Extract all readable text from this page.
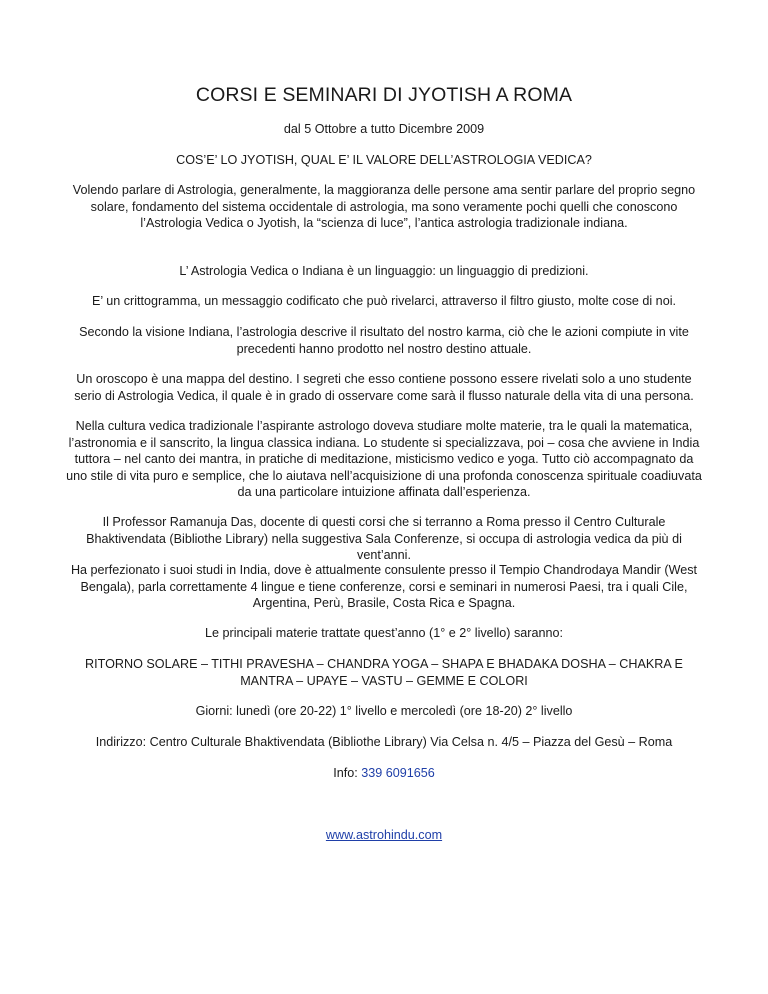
CORSI E SEMINARI DI JYOTISH A ROMA

dal 5 Ottobre a tutto Dicembre 2009

COS’E’ LO JYOTISH, QUAL E’ IL VALORE DELL’ASTROLOGIA VEDICA?

Volendo parlare di Astrologia, generalmente, la maggioranza delle persone ama sentir parlare del proprio segno solare, fondamento del sistema occidentale di astrologia, ma sono veramente pochi quelli che conoscono l’Astrologia Vedica o Jyotish, la “scienza di luce”, l’antica astrologia tradizionale indiana.

L’ Astrologia Vedica o Indiana è un linguaggio: un linguaggio di predizioni.

E’ un crittogramma, un messaggio codificato che può rivelarci, attraverso il filtro giusto, molte cose di noi.

Secondo la visione Indiana, l’astrologia descrive il risultato del nostro karma, ciò che le azioni compiute in vite precedenti hanno prodotto nel nostro destino attuale.

Un oroscopo è una mappa del destino. I segreti che esso contiene possono essere rivelati solo a uno studente serio di Astrologia Vedica, il quale è in grado di osservare come sarà il flusso naturale della vita di una persona.

Nella cultura vedica tradizionale l’aspirante astrologo doveva studiare molte materie, tra le quali la matematica, l’astronomia e il sanscrito, la lingua classica indiana. Lo studente si specializzava, poi – cosa che avviene in India tuttora – nel canto dei mantra, in pratiche di meditazione, misticismo vedico e yoga. Tutto ciò accompagnato da uno stile di vita puro e semplice, che lo aiutava nell’acquisizione di una profonda conoscenza spirituale coadiuvata da una particolare intuizione affinata dall’esperienza.

Il Professor Ramanuja Das, docente di questi corsi che si terranno a Roma presso il Centro Culturale Bhaktivendata (Bibliothe Library) nella suggestiva Sala Conferenze, si occupa di astrologia vedica da più di vent’anni.

Ha perfezionato i suoi studi in India, dove è attualmente consulente presso il Tempio Chandrodaya Mandir (West Bengala), parla correttamente 4 lingue e tiene conferenze, corsi e seminari in numerosi Paesi, tra i quali Cile, Argentina, Perù, Brasile, Costa Rica e Spagna.

Le principali materie trattate quest’anno (1° e 2° livello) saranno:

RITORNO SOLARE – TITHI PRAVESHA – CHANDRA YOGA – SHAPA E BHADAKA DOSHA – CHAKRA E MANTRA – UPAYE – VASTU – GEMME E COLORI

Giorni: lunedì (ore 20-22) 1° livello e mercoledì (ore 18-20) 2° livello

Indirizzo: Centro Culturale Bhaktivendata (Bibliothe Library) Via Celsa n. 4/5 – Piazza del Gesù – Roma

Info: 339 6091656

www.astrohindu.com
